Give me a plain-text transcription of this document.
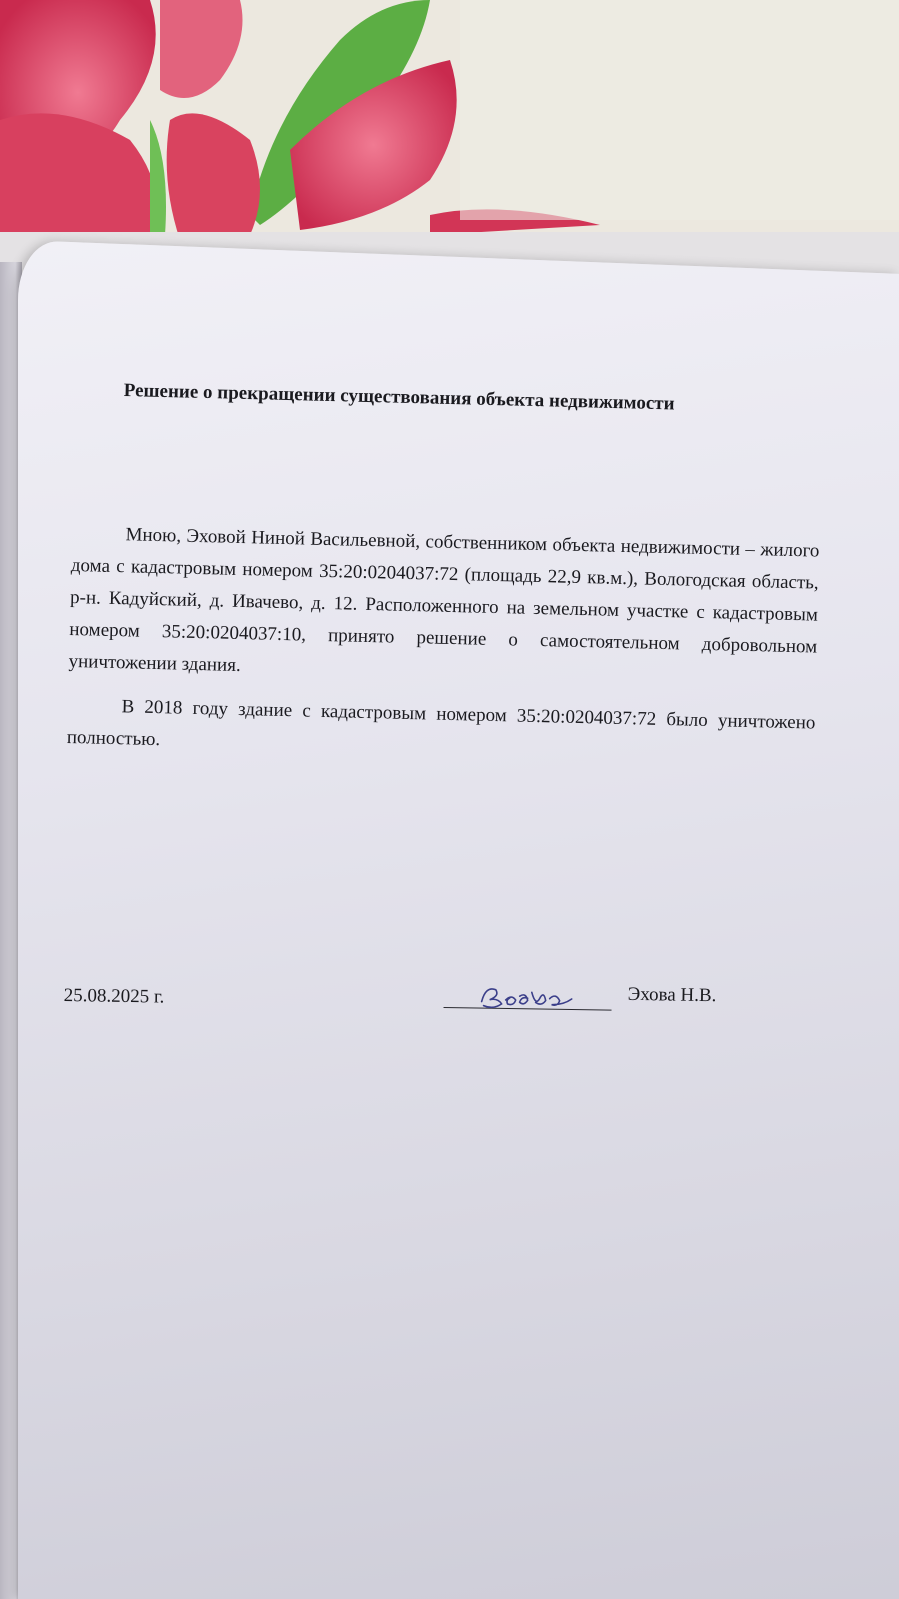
Решение о прекращении существования объекта недвижимости

Мною, Эховой Ниной Васильевной, собственником объекта недвижимости – жилого дома с кадастровым номером 35:20:0204037:72 (площадь 22,9 кв.м.), Вологодская область, р-н. Кадуйский, д. Ивачево, д. 12. Расположенного на земельном участке с кадастровым номером 35:20:0204037:10, принято решение о самостоятельном добровольном уничтожении здания.

В 2018 году здание с кадастровым номером 35:20:0204037:72 было уничтожено полностью.

25.08.2025 г.	Эхова Н.В.
